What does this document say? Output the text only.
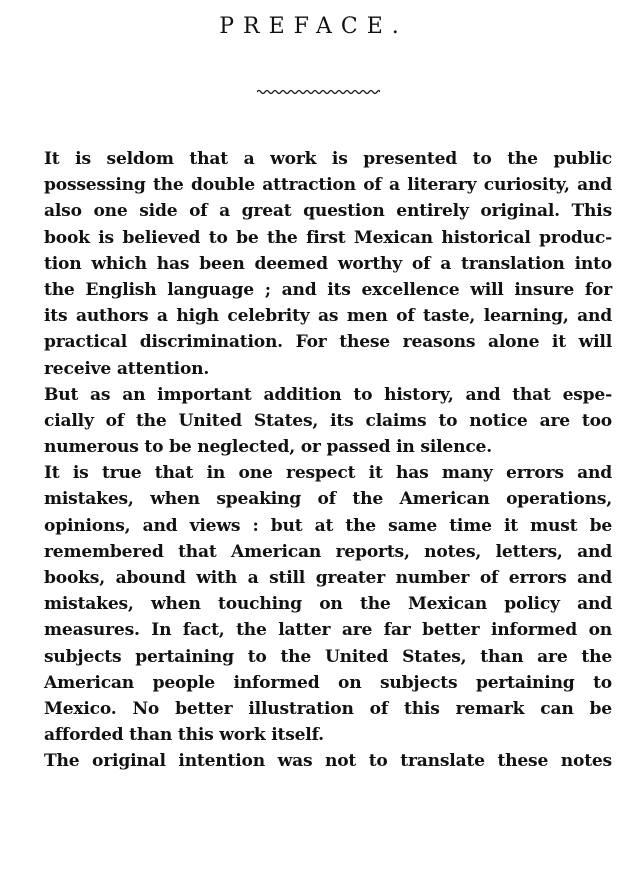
PREFACE.
It is seldom that a work is presented to the public
possessing the double attraction of a literary curiosity, and
also one side of a great question entirely original. This
book is believed to be the first Mexican historical produc-
tion which has been deemed worthy of a translation into
the English language ; and its excellence will insure for
its authors a high celebrity as men of taste, learning, and
practical discrimination. For these reasons alone it will
receive attention.
But as an important addition to history, and that espe-
cially of the United States, its claims to notice are too
numerous to be neglected, or passed in silence.
It is true that in one respect it has many errors and
mistakes, when speaking of the American operations,
opinions, and views : but at the same time it must be
remembered that American reports, notes, letters, and
books, abound with a still greater number of errors and
mistakes, when touching on the Mexican policy and
measures. In fact, the latter are far better informed on
subjects pertaining to the United States, than are the
American people informed on subjects pertaining to
Mexico. No better illustration of this remark can be
afforded than this work itself.
The original intention was not to translate these notes
